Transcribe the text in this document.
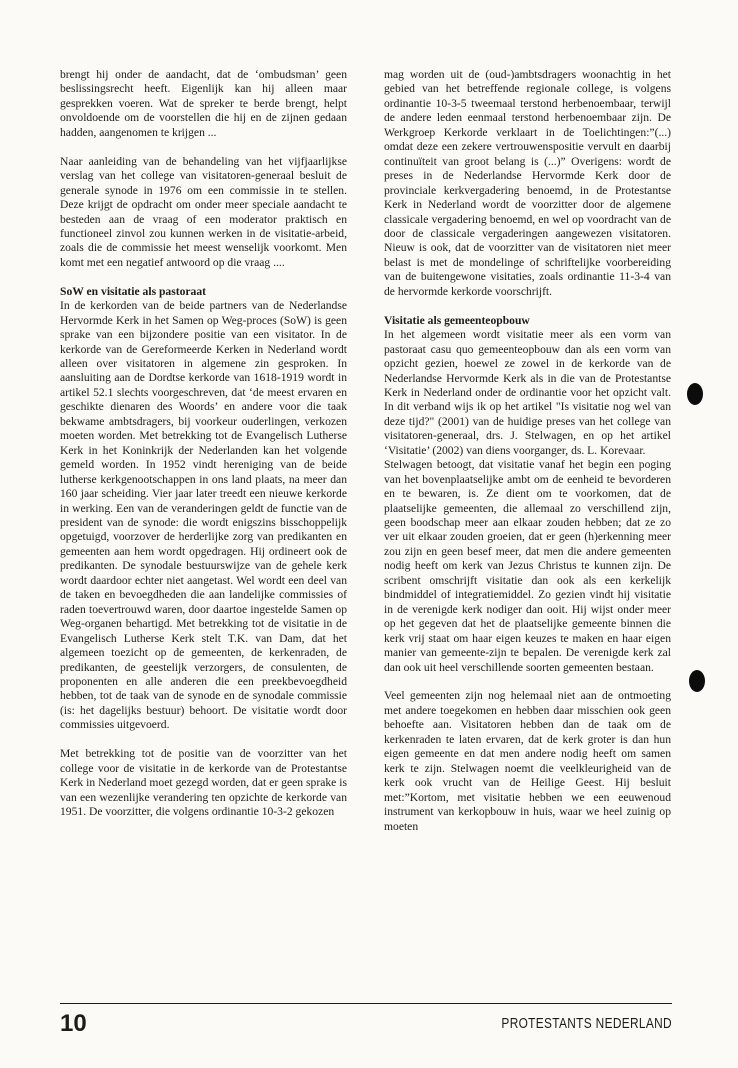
brengt hij onder de aandacht, dat de ‘ombudsman’ geen beslissingsrecht heeft. Eigenlijk kan hij alleen maar gesprekken voeren. Wat de spreker te berde brengt, helpt onvoldoende om de voorstellen die hij en de zijnen gedaan hadden, aangenomen te krijgen ...

Naar aanleiding van de behandeling van het vijfjaarlijkse verslag van het college van visitatoren-generaal besluit de generale synode in 1976 om een commissie in te stellen. Deze krijgt de opdracht om onder meer speciale aandacht te besteden aan de vraag of een moderator praktisch en functioneel zinvol zou kunnen werken in de visitatie-arbeid, zoals die de commissie het meest wenselijk voorkomt. Men komt met een negatief antwoord op die vraag ....

SoW en visitatie als pastoraat

In de kerkorden van de beide partners van de Nederlandse Hervormde Kerk in het Samen op Weg-proces (SoW) is geen sprake van een bijzondere positie van een visitator. In de kerkorde van de Gereformeerde Kerken in Nederland wordt alleen over visitatoren in algemene zin gesproken. In aansluiting aan de Dordtse kerkorde van 1618-1919 wordt in artikel 52.1 slechts voorgeschreven, dat ‘de meest ervaren en geschikte dienaren des Woords’ en andere voor die taak bekwame ambtsdragers, bij voorkeur ouderlingen, verkozen moeten worden. Met betrekking tot de Evangelisch Lutherse Kerk in het Koninkrijk der Nederlanden kan het volgende gemeld worden. In 1952 vindt hereniging van de beide lutherse kerkgenootschappen in ons land plaats, na meer dan 160 jaar scheiding. Vier jaar later treedt een nieuwe kerkorde in werking. Een van de veranderingen geldt de functie van de president van de synode: die wordt enigszins bisschoppelijk opgetuigd, voorzover de herderlijke zorg van predikanten en gemeenten aan hem wordt opgedragen. Hij ordineert ook de predikanten. De synodale bestuurswijze van de gehele kerk wordt daardoor echter niet aangetast. Wel wordt een deel van de taken en bevoegdheden die aan landelijke commissies of raden toevertrouwd waren, door daartoe ingestelde Samen op Weg-organen behartigd. Met betrekking tot de visitatie in de Evangelisch Lutherse Kerk stelt T.K. van Dam, dat het algemeen toezicht op de gemeenten, de kerkenraden, de predikanten, de geestelijk verzorgers, de consulenten, de proponenten en alle anderen die een preekbevoegdheid hebben, tot de taak van de synode en de synodale commissie (is: het dagelijks bestuur) behoort. De visitatie wordt door commissies uitgevoerd.

Met betrekking tot de positie van de voorzitter van het college voor de visitatie in de kerkorde van de Protestantse Kerk in Nederland moet gezegd worden, dat er geen sprake is van een wezenlijke verandering ten opzichte de kerkorde van 1951. De voorzitter, die volgens ordinantie 10-3-2 gekozen

mag worden uit de (oud-)ambtsdragers woonachtig in het gebied van het betreffende regionale college, is volgens ordinantie 10-3-5 tweemaal terstond herbenoembaar, terwijl de andere leden eenmaal terstond herbenoembaar zijn. De Werkgroep Kerkorde verklaart in de Toelichtingen:”(...) omdat deze een zekere vertrouwenspositie vervult en daarbij continuïteit van groot belang is (...)” Overigens: wordt de preses in de Nederlandse Hervormde Kerk door de provinciale kerkvergadering benoemd, in de Protestantse Kerk in Nederland wordt de voorzitter door de algemene classicale vergadering benoemd, en wel op voordracht van de door de classicale vergaderingen aangewezen visitatoren. Nieuw is ook, dat de voorzitter van de visitatoren niet meer belast is met de mondelinge of schriftelijke voorbereiding van de buitengewone visitaties, zoals ordinantie 11-3-4 van de hervormde kerkorde voorschrijft.

Visitatie als gemeenteopbouw

In het algemeen wordt visitatie meer als een vorm van pastoraat casu quo gemeenteopbouw dan als een vorm van opzicht gezien, hoewel ze zowel in de kerkorde van de Nederlandse Hervormde Kerk als in die van de Protestantse Kerk in Nederland onder de ordinantie voor het opzicht valt. In dit verband wijs ik op het artikel "Is visitatie nog wel van deze tijd?" (2001) van de huidige preses van het college van visitatoren-generaal, drs. J. Stelwagen, en op het artikel ‘Visitatie’ (2002) van diens voorganger, ds. L. Korevaar.

Stelwagen betoogt, dat visitatie vanaf het begin een poging van het bovenplaatselijke ambt om de eenheid te bevorderen en te bewaren, is. Ze dient om te voorkomen, dat de plaatselijke gemeenten, die allemaal zo verschillend zijn, geen boodschap meer aan elkaar zouden hebben; dat ze zo ver uit elkaar zouden groeien, dat er geen (h)erkenning meer zou zijn en geen besef meer, dat men die andere gemeenten nodig heeft om kerk van Jezus Christus te kunnen zijn. De scribent omschrijft visitatie dan ook als een kerkelijk bindmiddel of integratiemiddel. Zo gezien vindt hij visitatie in de verenigde kerk nodiger dan ooit. Hij wijst onder meer op het gegeven dat het de plaatselijke gemeente binnen die kerk vrij staat om haar eigen keuzes te maken en haar eigen manier van gemeente-zijn te bepalen. De verenigde kerk zal dan ook uit heel verschillende soorten gemeenten bestaan.

Veel gemeenten zijn nog helemaal niet aan de ontmoeting met andere toegekomen en hebben daar misschien ook geen behoefte aan. Visitatoren hebben dan de taak om de kerkenraden te laten ervaren, dat de kerk groter is dan hun eigen gemeente en dat men andere nodig heeft om samen kerk te zijn. Stelwagen noemt die veelkleurigheid van de kerk ook vrucht van de Heilige Geest. Hij besluit met:”Kortom, met visitatie hebben we een eeuwenoud instrument van kerkopbouw in huis, waar we heel zuinig op moeten

10	PROTESTANTS NEDERLAND
